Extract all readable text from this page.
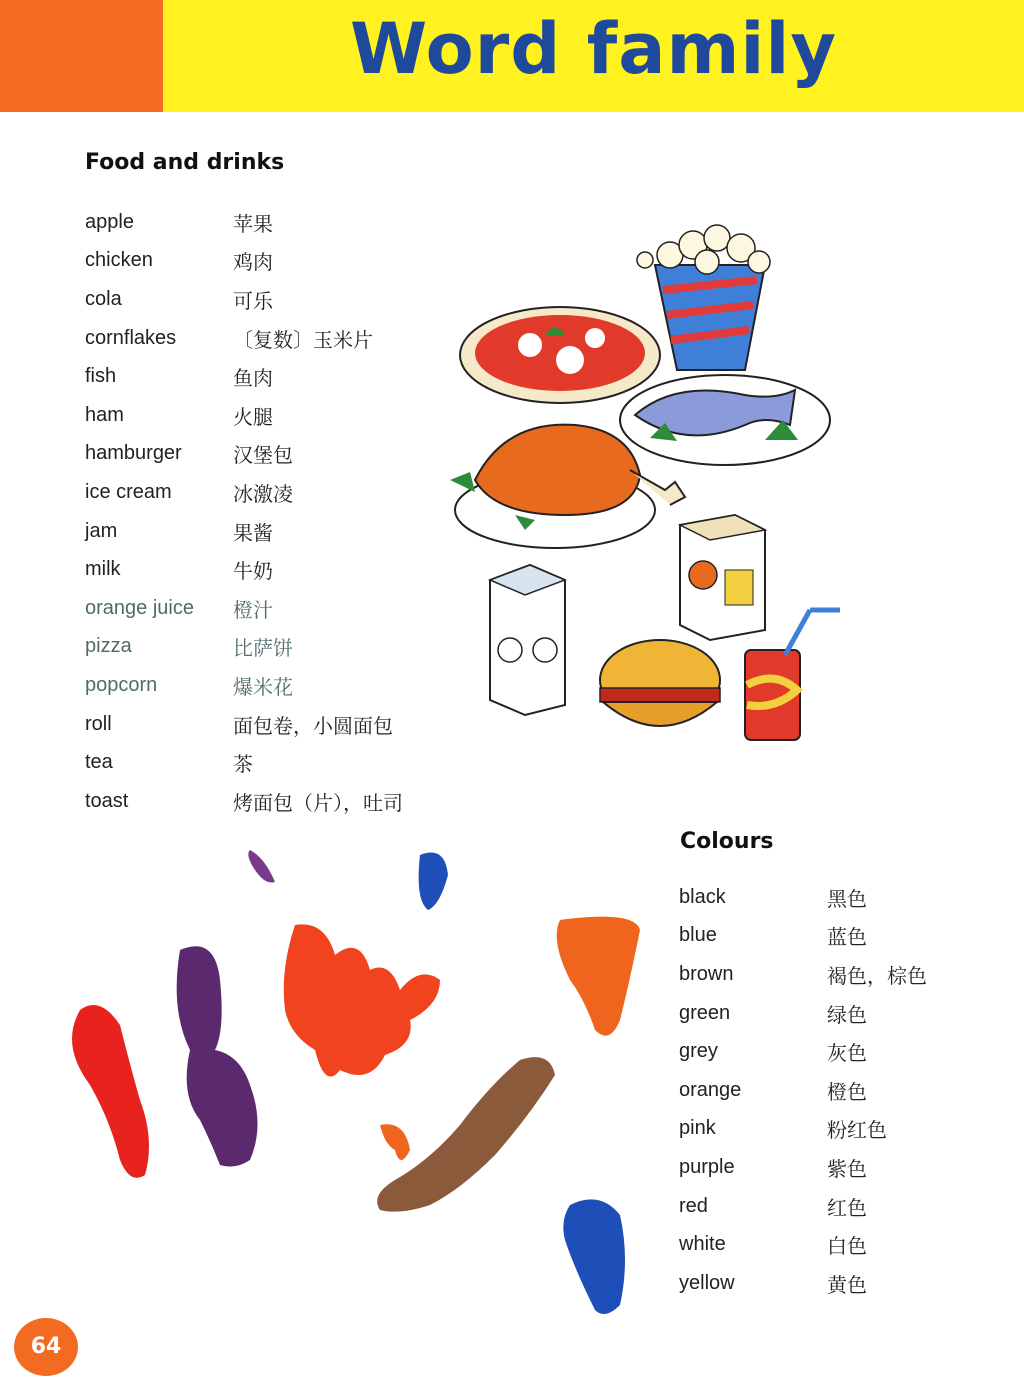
Word family
Food and drinks
apple	苹果
chicken	鸡肉
cola	可乐
cornflakes	〔复数〕玉米片
fish	鱼肉
ham	火腿
hamburger	汉堡包
ice cream	冰激凌
jam	果酱
milk	牛奶
orange juice	橙汁
pizza	比萨饼
popcorn	爆米花
roll	面包卷，小圆面包
tea	茶
toast	烤面包（片），吐司
Colours
black	黑色
blue	蓝色
brown	褐色，棕色
green	绿色
grey	灰色
orange	橙色
pink	粉红色
purple	紫色
red	红色
white	白色
yellow	黄色
64
